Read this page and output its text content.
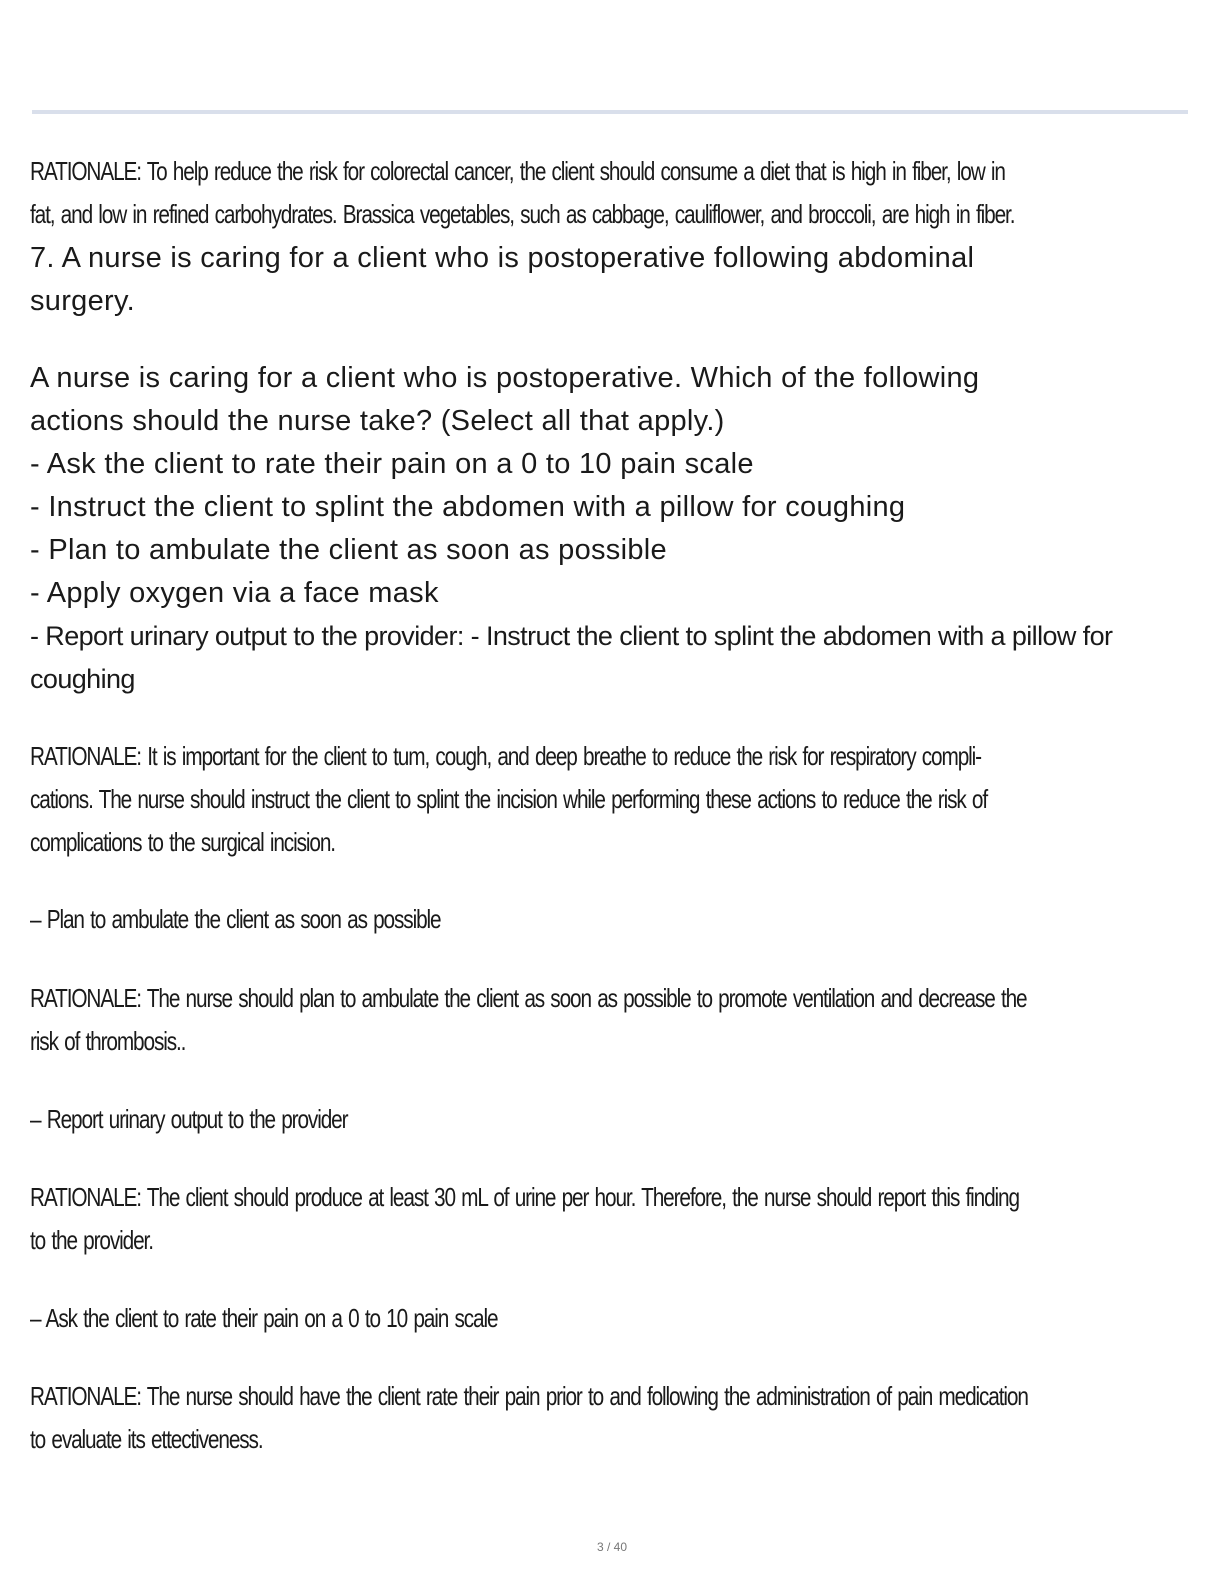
RATIONALE: To help reduce the risk for colorectal cancer, the client should consume a diet that is high in fiber, low in
fat, and low in refined carbohydrates. Brassica vegetables, such as cabbage, cauliflower, and broccoli, are high in fiber.
7. A nurse is caring for a client who is postoperative following abdominal
surgery.
A nurse is caring for a client who is postoperative. Which of the following
actions should the nurse take? (Select all that apply.)
- Ask the client to rate their pain on a 0 to 10 pain scale
- Instruct the client to splint the abdomen with a pillow for coughing
- Plan to ambulate the client as soon as possible
- Apply oxygen via a face mask
- Report urinary output to the provider: - Instruct the client to splint the abdomen with a pillow for
coughing
RATIONALE: It is important for the client to tum, cough, and deep breathe to reduce the risk for respiratory compli-
cations. The nurse should instruct the client to splint the incision while performing these actions to reduce the risk of
complications to the surgical incision.
– Plan to ambulate the client as soon as possible
RATIONALE: The nurse should plan to ambulate the client as soon as possible to promote ventilation and decrease the
risk of thrombosis..
– Report urinary output to the provider
RATIONALE: The client should produce at least 30 mL of urine per hour. Therefore, the nurse should report this finding
to the provider.
– Ask the client to rate their pain on a 0 to 10 pain scale
RATIONALE: The nurse should have the client rate their pain prior to and following the administration of pain medication
to evaluate its ettectiveness.
3 / 40
